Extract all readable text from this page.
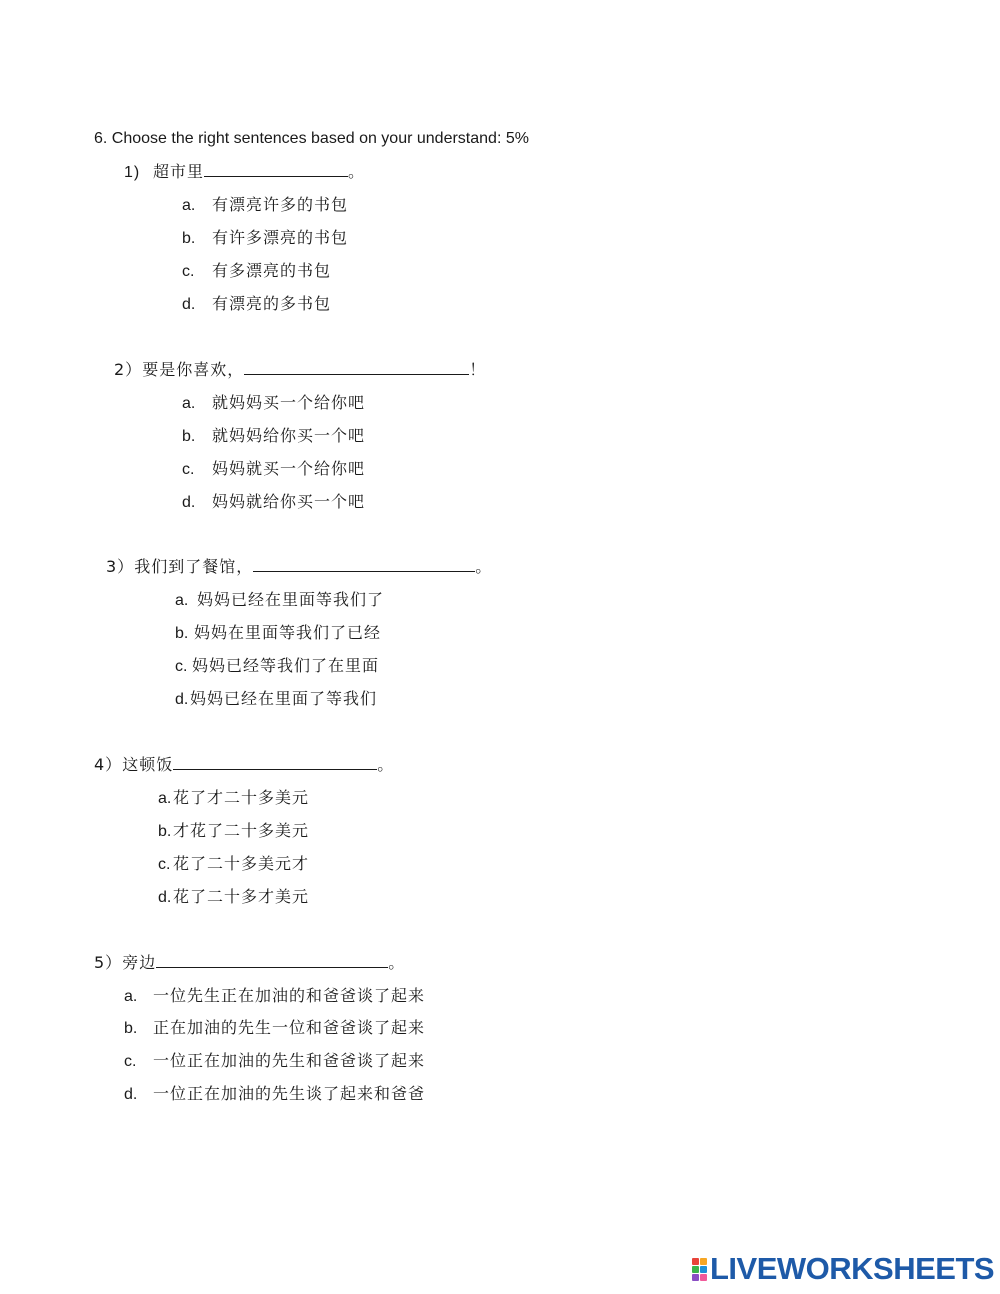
6. Choose the right sentences based on your understand: 5%
1) 超市里	。
a. 有漂亮许多的书包
b. 有许多漂亮的书包
c. 有多漂亮的书包
d. 有漂亮的多书包
2）要是你喜欢，	！
a. 就妈妈买一个给你吧
b. 就妈妈给你买一个吧
c. 妈妈就买一个给你吧
d. 妈妈就给你买一个吧
3）我们到了餐馆，	。
a. 妈妈已经在里面等我们了
b. 妈妈在里面等我们了已经
c. 妈妈已经等我们了在里面
d. 妈妈已经在里面了等我们
4）这顿饭	。
a. 花了才二十多美元
b. 才花了二十多美元
c. 花了二十多美元才
d. 花了二十多才美元
5）旁边	。
a. 一位先生正在加油的和爸爸谈了起来
b. 正在加油的先生一位和爸爸谈了起来
c. 一位正在加油的先生和爸爸谈了起来
d. 一位正在加油的先生谈了起来和爸爸
LIVEWORKSHEETS
